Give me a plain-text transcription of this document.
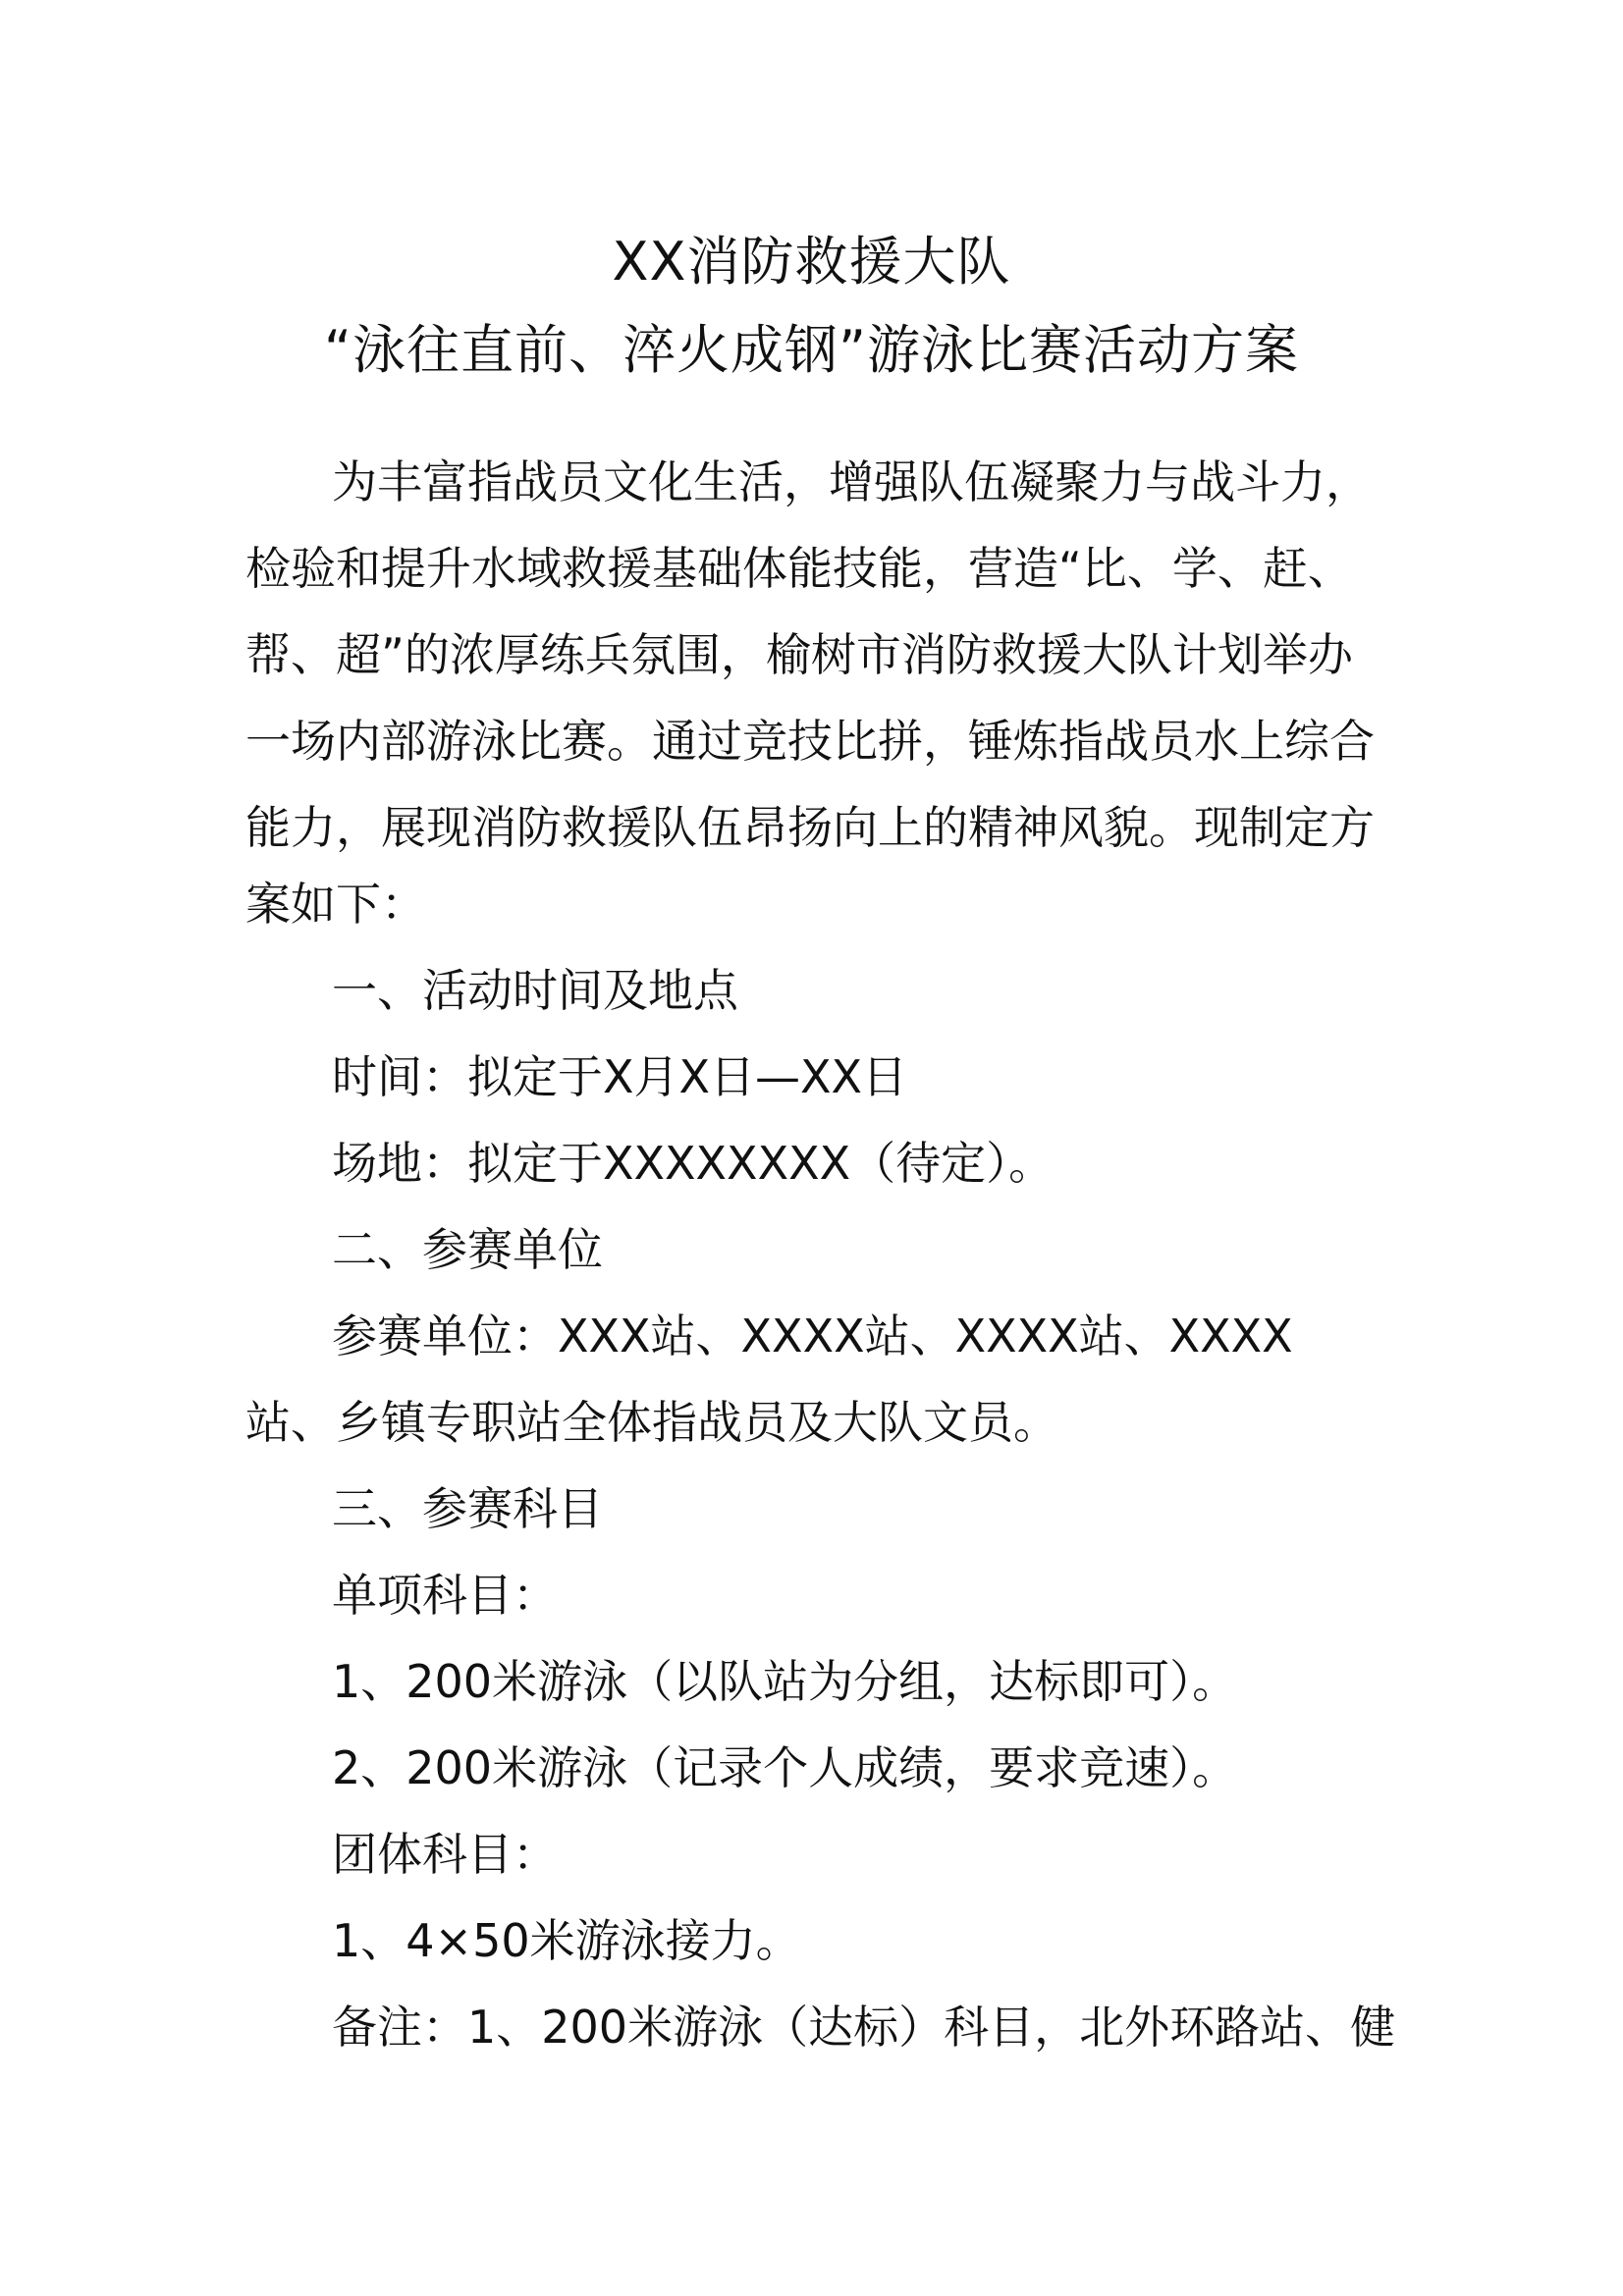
XX消防救援大队
“泳往直前、淬火成钢”游泳比赛活动方案
为丰富指战员文化生活，增强队伍凝聚力与战斗力，
检验和提升水域救援基础体能技能，营造“比、学、赶、
帮、超”的浓厚练兵氛围，榆树市消防救援大队计划举办
一场内部游泳比赛。通过竞技比拼，锤炼指战员水上综合
能力，展现消防救援队伍昂扬向上的精神风貌。现制定方
案如下：
一、活动时间及地点
时间：拟定于X月X日—XX日
场地：拟定于XXXXXXXX（待定）。
二、参赛单位
参赛单位：XXX站、XXXX站、XXXX站、XXXX
站、乡镇专职站全体指战员及大队文员。
三、参赛科目
单项科目：
1、200米游泳（以队站为分组，达标即可）。
2、200米游泳（记录个人成绩，要求竞速）。
团体科目：
1、4×50米游泳接力。
备注：1、200米游泳（达标）科目，北外环路站、健
